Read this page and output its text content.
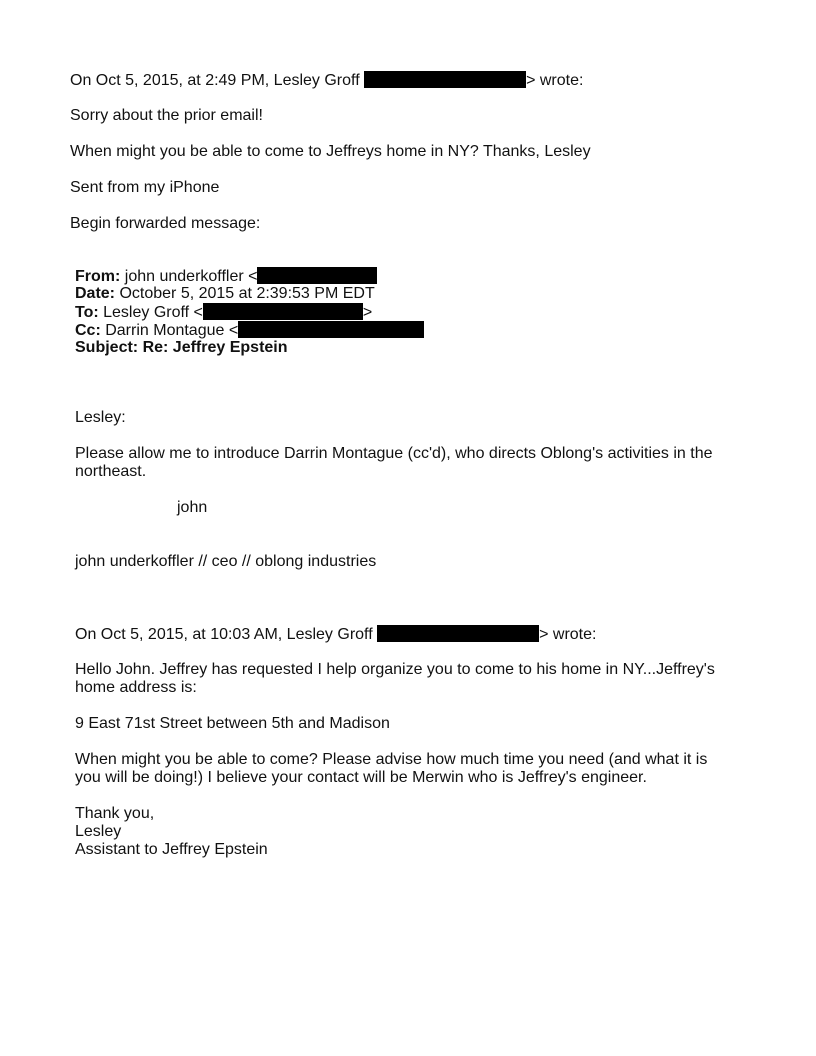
On Oct 5, 2015, at 2:49 PM, Lesley Groff	> wrote:
Sorry about the prior email!
When might you be able to come to Jeffreys home in NY? Thanks, Lesley
Sent from my iPhone
Begin forwarded message:
From: john underkoffler <
Date: October 5, 2015 at 2:39:53 PM EDT
To: Lesley Groff <	>
Cc: Darrin Montague <
Subject: Re: Jeffrey Epstein
Lesley:
Please allow me to introduce Darrin Montague (cc'd), who directs Oblong's activities in the northeast.
john
john underkoffler // ceo // oblong industries
On Oct 5, 2015, at 10:03 AM, Lesley Groff	> wrote:
Hello John. Jeffrey has requested I help organize you to come to his home in NY...Jeffrey's home address is:
9 East 71st Street between 5th and Madison
When might you be able to come? Please advise how much time you need (and what it is you will be doing!) I believe your contact will be Merwin who is Jeffrey's engineer.
Thank you,
Lesley
Assistant to Jeffrey Epstein
